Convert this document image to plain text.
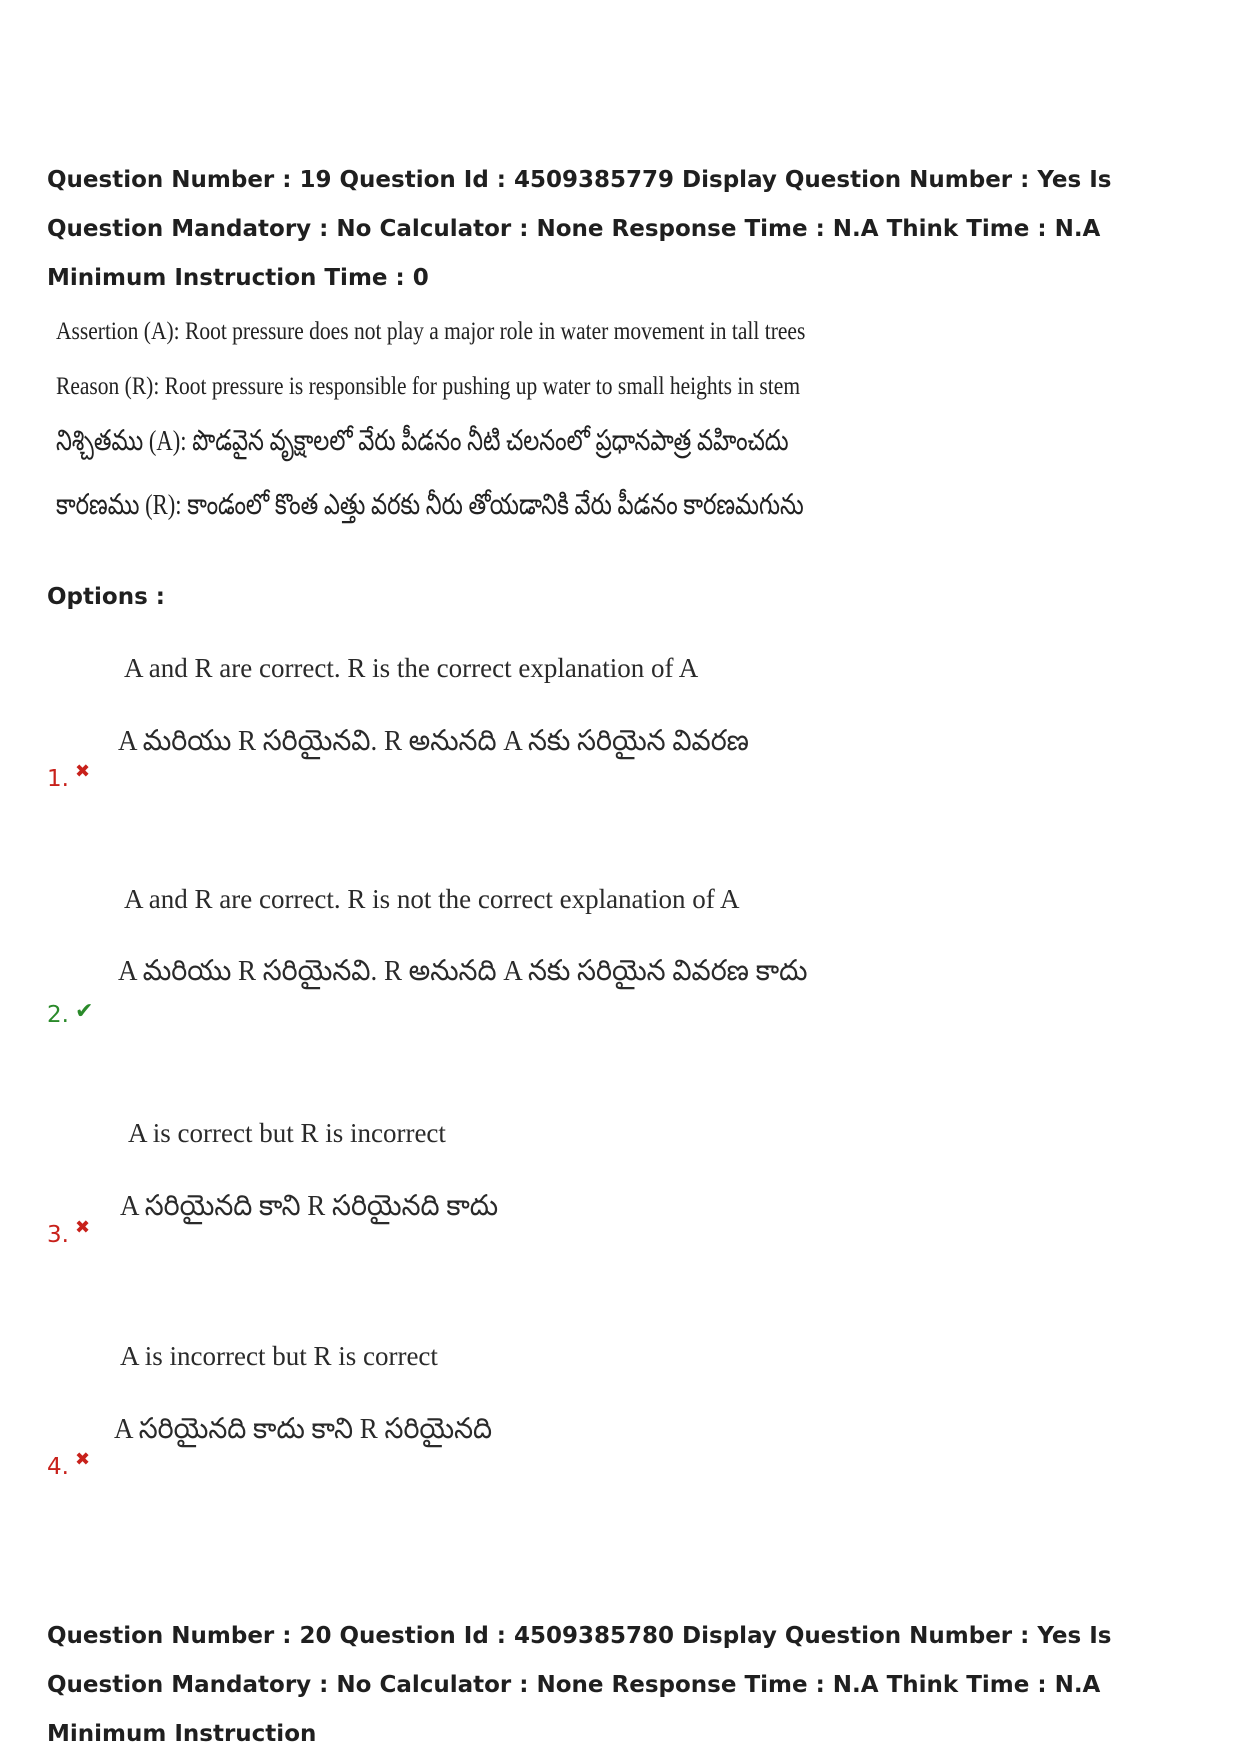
Question Number : 19 Question Id : 4509385779 Display Question Number : Yes Is Question Mandatory : No Calculator : None Response Time : N.A Think Time : N.A Minimum Instruction Time : 0
Assertion (A): Root pressure does not play a major role in water movement in tall trees
Reason (R): Root pressure is responsible for pushing up water to small heights in stem
నిశ్చితము (A): పొడవైన వృక్షాలలో వేరు పీడనం నీటి చలనంలో ప్రధానపాత్ర వహించదు
కారణము (R): కాండంలో కొంత ఎత్తు వరకు నీరు తోయడానికి వేరు పీడనం కారణమగును
Options :
A and R are correct. R is the correct explanation of A
A మరియు R సరియైనవి. R అనునది A నకు సరియైన వివరణ
1. ✖
A and R are correct. R is not the correct explanation of A
A మరియు R సరియైనవి. R అనునది A నకు సరియైన వివరణ కాదు
2. ✔
A is correct but R is incorrect
A సరియైనది కాని R సరియైనది కాదు
3. ✖
A is incorrect but R is correct
A సరియైనది కాదు కాని R సరియైనది
4. ✖
Question Number : 20 Question Id : 4509385780 Display Question Number : Yes Is Question Mandatory : No Calculator : None Response Time : N.A Think Time : N.A Minimum Instruction
